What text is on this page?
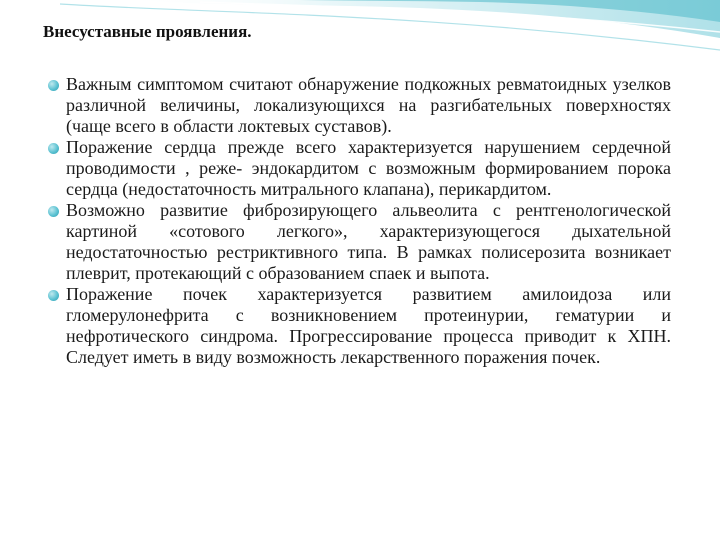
Внесуставные проявления.
Важным симптомом считают обнаружение подкожных ревматоидных узелков различной величины, локализующихся на разгибательных поверхностях (чаще всего в области локтевых суставов).
Поражение сердца прежде всего характеризуется нарушением сердечной проводимости , реже- эндокардитом с возможным формированием порока сердца (недостаточность митрального клапана), перикардитом.
Возможно развитие фиброзирующего альвеолита с рентгенологической картиной «сотового легкого», характеризующегося дыхательной недостаточностью рестриктивного типа. В рамках полисерозита возникает плеврит, протекающий с образованием спаек и выпота.
Поражение почек характеризуется развитием амилоидоза или гломерулонефрита с возникновением протеинурии, гематурии и нефротического синдрома. Прогрессирование процесса приводит к ХПН. Следует иметь в виду возможность лекарственного поражения почек.
